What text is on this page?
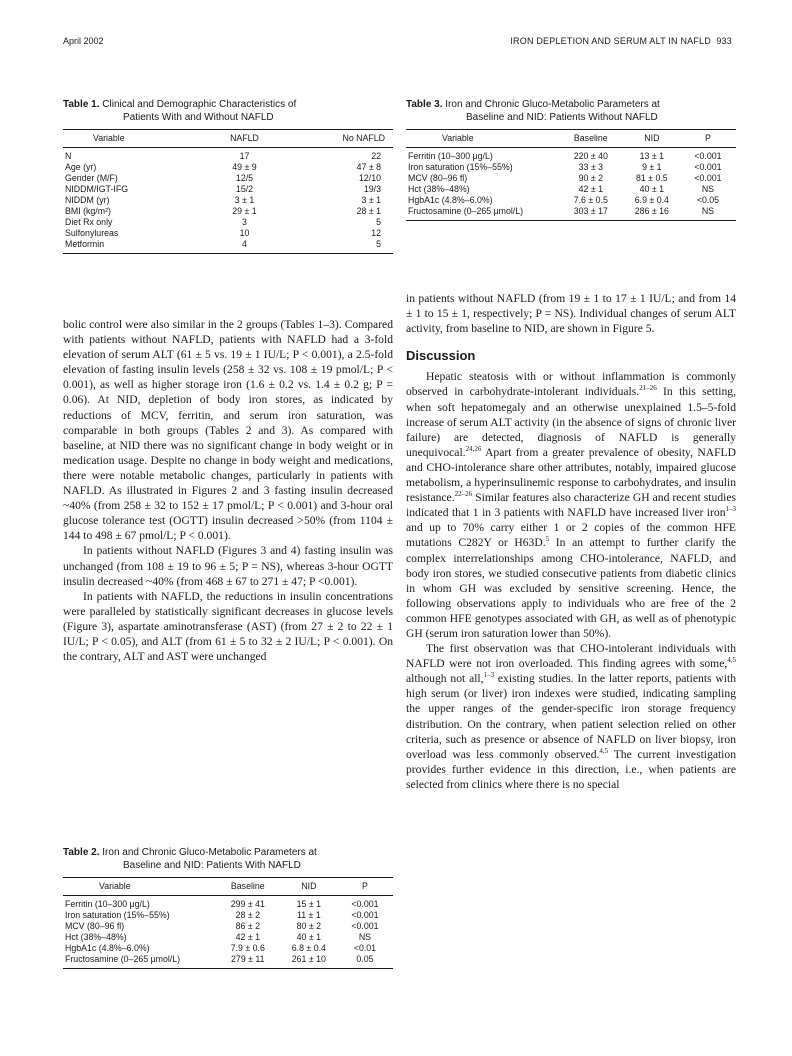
April 2002	IRON DEPLETION AND SERUM ALT IN NAFLD 933
Table 1. Clinical and Demographic Characteristics of
Patients With and Without NAFLD
Variable	NAFLD	No NAFLD
N	17	22
Age (yr)	49 ± 9	47 ± 8
Gender (M/F)	12/5	12/10
NIDDM/IGT-IFG	15/2	19/3
NIDDM (yr)	3 ± 1	3 ± 1
BMI (kg/m²)	29 ± 1	28 ± 1
Diet Rx only	3	5
Sulfonylureas	10	12
Metformin	4	5

bolic control were also similar in the 2 groups (Tables 1–3). Compared with patients without NAFLD, patients with NAFLD had a 3-fold elevation of serum ALT (61 ± 5 vs. 19 ± 1 IU/L; P < 0.001), a 2.5-fold elevation of fasting insulin levels (258 ± 32 vs. 108 ± 19 pmol/L; P < 0.001), as well as higher storage iron (1.6 ± 0.2 vs. 1.4 ± 0.2 g; P = 0.06). At NID, depletion of body iron stores, as indicated by reductions of MCV, ferritin, and serum iron saturation, was comparable in both groups (Tables 2 and 3). As compared with baseline, at NID there was no significant change in body weight or in medication usage. Despite no change in body weight and medications, there were notable metabolic changes, particularly in patients with NAFLD. As illustrated in Figures 2 and 3 fasting insulin decreased ~40% (from 258 ± 32 to 152 ± 17 pmol/L; P < 0.001) and 3-hour oral glucose tolerance test (OGTT) insulin decreased >50% (from 1104 ± 144 to 498 ± 67 pmol/L; P < 0.001).

In patients without NAFLD (Figures 3 and 4) fasting insulin was unchanged (from 108 ± 19 to 96 ± 5; P = NS), whereas 3-hour OGTT insulin decreased ~40% (from 468 ± 67 to 271 ± 47; P <0.001).

In patients with NAFLD, the reductions in insulin concentrations were paralleled by statistically significant decreases in glucose levels (Figure 3), aspartate aminotransferase (AST) (from 27 ± 2 to 22 ± 1 IU/L; P < 0.05), and ALT (from 61 ± 5 to 32 ± 2 IU/L; P < 0.001). On the contrary, ALT and AST were unchanged

Table 2. Iron and Chronic Gluco-Metabolic Parameters at
Baseline and NID: Patients With NAFLD
Variable	Baseline	NID	P
Ferritin (10–300 μg/L)	299 ± 41	15 ± 1	<0.001
Iron saturation (15%–55%)	28 ± 2	11 ± 1	<0.001
MCV (80–96 fl)	86 ± 2	80 ± 2	<0.001
Hct (38%–48%)	42 ± 1	40 ± 1	NS
HgbA1c (4.8%–6.0%)	7.9 ± 0.6	6.8 ± 0.4	<0.01
Fructosamine (0–265 μmol/L)	279 ± 11	261 ± 10	0.05
Table 3. Iron and Chronic Gluco-Metabolic Parameters at
Baseline and NID: Patients Without NAFLD
Variable	Baseline	NID	P
Ferritin (10–300 μg/L)	220 ± 40	13 ± 1	<0.001
Iron saturation (15%–55%)	33 ± 3	9 ± 1	<0.001
MCV (80–96 fl)	90 ± 2	81 ± 0.5	<0.001
Hct (38%–48%)	42 ± 1	40 ± 1	NS
HgbA1c (4.8%–6.0%)	7.6 ± 0.5	6.9 ± 0.4	<0.05
Fructosamine (0–265 μmol/L)	303 ± 17	286 ± 16	NS

in patients without NAFLD (from 19 ± 1 to 17 ± 1 IU/L; and from 14 ± 1 to 15 ± 1, respectively; P = NS). Individual changes of serum ALT activity, from baseline to NID, are shown in Figure 5.

Discussion

Hepatic steatosis with or without inflammation is commonly observed in carbohydrate-intolerant individuals.$^{21-26}$ In this setting, when soft hepatomegaly and an otherwise unexplained 1.5–5-fold increase of serum ALT activity (in the absence of signs of chronic liver failure) are detected, diagnosis of NAFLD is generally unequivocal.$^{24,26}$ Apart from a greater prevalence of obesity, NAFLD and CHO-intolerance share other attributes, notably, impaired glucose metabolism, a hyperinsulinemic response to carbohydrates, and insulin resistance.$^{22-26}$ Similar features also characterize GH and recent studies indicated that 1 in 3 patients with NAFLD have increased liver iron$^{1-3}$ and up to 70% carry either 1 or 2 copies of the common HFE mutations C282Y or H63D.$^5$ In an attempt to further clarify the complex interrelationships among CHO-intolerance, NAFLD, and body iron stores, we studied consecutive patients from diabetic clinics in whom GH was excluded by sensitive screening. Hence, the following observations apply to individuals who are free of the 2 common HFE genotypes associated with GH, as well as of phenotypic GH (serum iron saturation lower than 50%).

The first observation was that CHO-intolerant individuals with NAFLD were not iron overloaded. This finding agrees with some,$^{4,5}$ although not all,$^{1-3}$ existing studies. In the latter reports, patients with high serum (or liver) iron indexes were studied, indicating sampling the upper ranges of the gender-specific iron storage frequency distribution. On the contrary, when patient selection relied on other criteria, such as presence or absence of NAFLD on liver biopsy, iron overload was less commonly observed.$^{4,5}$ The current investigation provides further evidence in this direction, i.e., when patients are selected from clinics where there is no special
